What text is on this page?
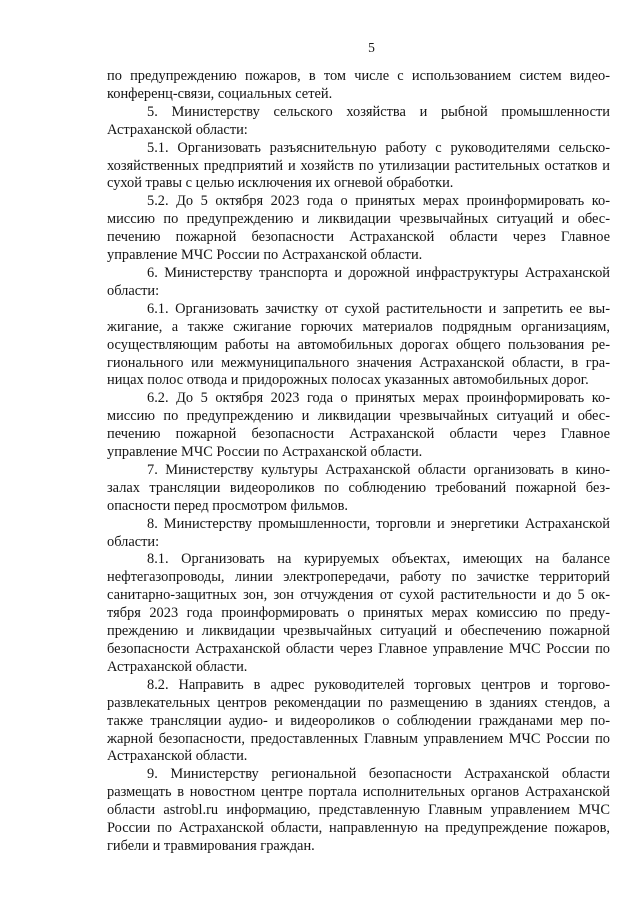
5

по предупреждению пожаров, в том числе с использованием систем видеоконференц-связи, социальных сетей.

5. Министерству сельского хозяйства и рыбной промышленности Астраханской области:

5.1. Организовать разъяснительную работу с руководителями сельскохозяйственных предприятий и хозяйств по утилизации растительных остатков и сухой травы с целью исключения их огневой обработки.

5.2. До 5 октября 2023 года о принятых мерах проинформировать комиссию по предупреждению и ликвидации чрезвычайных ситуаций и обеспечению пожарной безопасности Астраханской области через Главное управление МЧС России по Астраханской области.

6. Министерству транспорта и дорожной инфраструктуры Астраханской области:

6.1. Организовать зачистку от сухой растительности и запретить ее выжигание, а также сжигание горючих материалов подрядным организациям, осуществляющим работы на автомобильных дорогах общего пользования регионального или межмуниципального значения Астраханской области, в границах полос отвода и придорожных полосах указанных автомобильных дорог.

6.2. До 5 октября 2023 года о принятых мерах проинформировать комиссию по предупреждению и ликвидации чрезвычайных ситуаций и обеспечению пожарной безопасности Астраханской области через Главное управление МЧС России по Астраханской области.

7. Министерству культуры Астраханской области организовать в кинозалах трансляции видеороликов по соблюдению требований пожарной безопасности перед просмотром фильмов.

8. Министерству промышленности, торговли и энергетики Астраханской области:

8.1. Организовать на курируемых объектах, имеющих на балансе нефтегазопроводы, линии электропередачи, работу по зачистке территорий санитарно-защитных зон, зон отчуждения от сухой растительности и до 5 октября 2023 года проинформировать о принятых мерах комиссию по предупреждению и ликвидации чрезвычайных ситуаций и обеспечению пожарной безопасности Астраханской области через Главное управление МЧС России по Астраханской области.

8.2. Направить в адрес руководителей торговых центров и торгово-развлекательных центров рекомендации по размещению в зданиях стендов, а также трансляции аудио- и видеороликов о соблюдении гражданами мер пожарной безопасности, предоставленных Главным управлением МЧС России по Астраханской области.

9. Министерству региональной безопасности Астраханской области размещать в новостном центре портала исполнительных органов Астраханской области astrobl.ru информацию, представленную Главным управлением МЧС России по Астраханской области, направленную на предупреждение пожаров, гибели и травмирования граждан.
